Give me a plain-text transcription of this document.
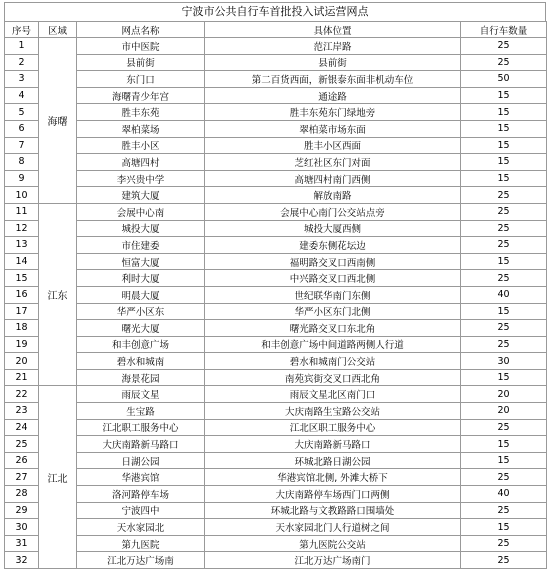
宁波市公共自行车首批投入试运营网点
序号	区域	网点名称	具体位置	自行车数量
1	海曙	市中医院	范江岸路	25
2		县前街	县前街	25
3		东门口	第二百货西面，新银泰东面非机动车位	50
4		海曙青少年宫	通途路	15
5		胜丰东苑	胜丰东苑东门绿地旁	15
6		翠柏菜场	翠柏菜市场东面	15
7		胜丰小区	胜丰小区西面	15
8		高塘四村	芝红社区东门对面	15
9		李兴贵中学	高塘四村南门西侧	15
10		建筑大厦	解放南路	25
11	江东	会展中心南	会展中心南门公交站点旁	25
12		城投大厦	城投大厦西侧	25
13		市住建委	建委东侧花坛边	25
14		恒富大厦	福明路交叉口西南侧	15
15		利时大厦	中兴路交叉口西北侧	25
16		明晨大厦	世纪联华南门东侧	40
17		华严小区东	华严小区东门北侧	15
18		曙光大厦	曙光路交叉口东北角	25
19		和丰创意广场	和丰创意广场中间道路两侧人行道	25
20		碧水和城南	碧水和城南门公交站	30
21		海景花园	南苑宾街交叉口西北角	15
22	江北	雨辰文星	雨辰文星北区南门口	20
23		生宝路	大庆南路生宝路公交站	20
24		江北职工服务中心	江北区职工服务中心	25
25		大庆南路新马路口	大庆南路新马路口	15
26		日湖公园	环城北路日湖公园	15
27		华港宾馆	华港宾馆北侧, 外滩大桥下	25
28		洛河路停车场	大庆南路停车场西门口两侧	40
29		宁波四中	环城北路与文教路路口围墙处	25
30		天水家园北	天水家园北门人行道树之间	15
31		第九医院	第九医院公交站	25
32		江北万达广场南	江北万达广场南门	25
